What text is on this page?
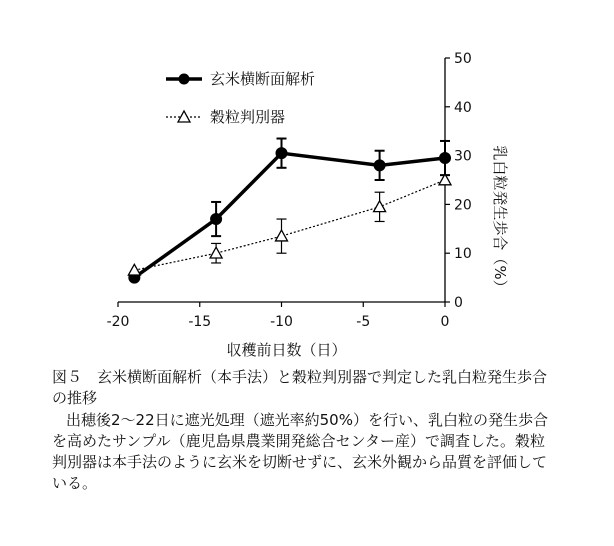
-20	-15	-10	-5	0
0
10
20
30
40
50
収穫前日数（日）
乳白粒発生歩合（%）
玄米横断面解析
穀粒判別器
図５　玄米横断面解析（本手法）と穀粒判別器で判定した乳白粒発生歩合の推移
出穂後2～22日に遮光処理（遮光率約50%）を行い、乳白粒の発生歩合を高めたサンプル（鹿児島県農業開発総合センター産）で調査した。穀粒判別器は本手法のように玄米を切断せずに、玄米外観から品質を評価している。
